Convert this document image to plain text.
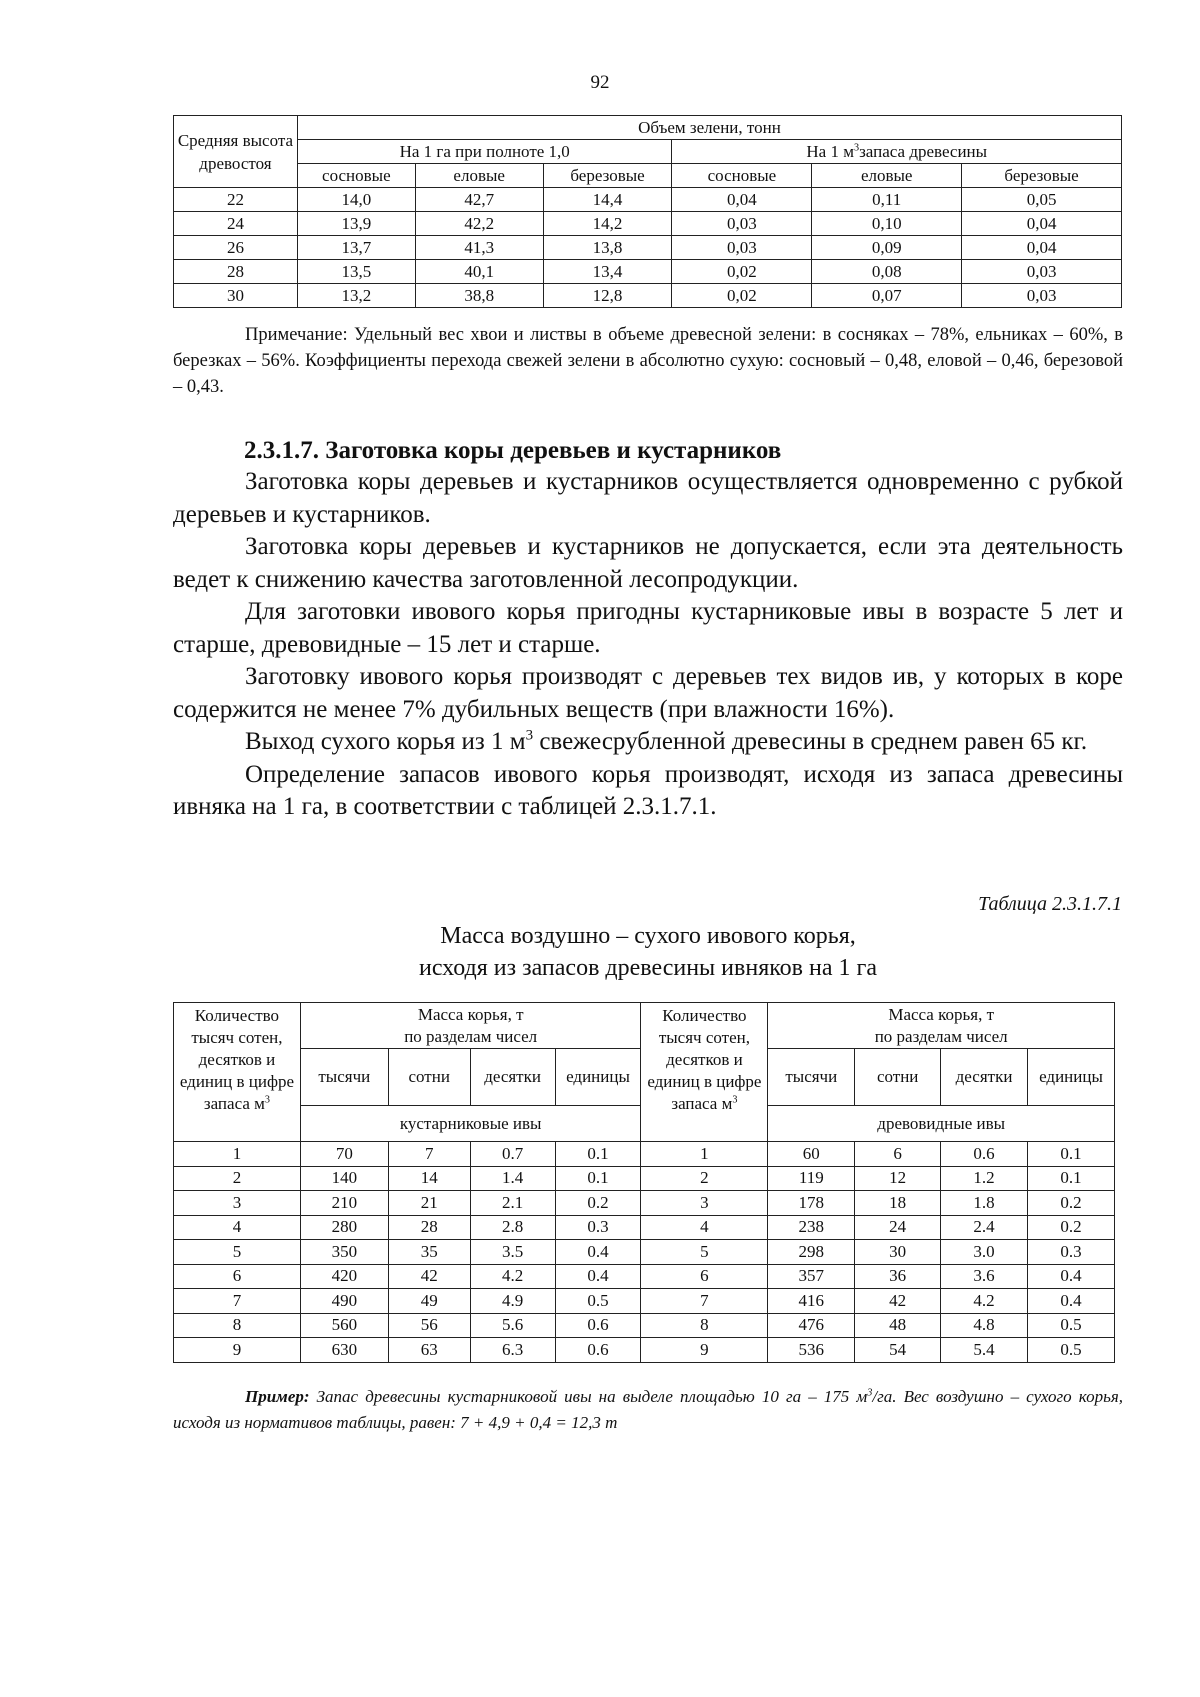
92
Средняя высота древостоя	Объем зелени, тонн					
	На 1 га при полноте 1,0			На 1 $м^3запаса$ древесины		
	сосновые	еловые	березовые	сосновые	еловые	березовые
22	14,0	42,7	14,4	0,04	0,11	0,05
24	13,9	42,2	14,2	0,03	0,10	0,04
26	13,7	41,3	13,8	0,03	0,09	0,04
28	13,5	40,1	13,4	0,02	0,08	0,03
30	13,2	38,8	12,8	0,02	0,07	0,03

Примечание: Удельный вес хвои и листвы в объеме древесной зелени: в сосняках – 78%, ельниках – 60%, в березках – 56%. Коэффициенты перехода свежей зелени в абсолютно сухую: сосновый – 0,48, еловой – 0,46, березовой – 0,43.

2.3.1.7. Заготовка коры деревьев и кустарников

Заготовка коры деревьев и кустарников осуществляется одновременно с рубкой деревьев и кустарников.

Заготовка коры деревьев и кустарников не допускается, если эта деятельность ведет к снижению качества заготовленной лесопродукции.

Для заготовки ивового корья пригодны кустарниковые ивы в возрасте 5 лет и старше, древовидные – 15 лет и старше.

Заготовку ивового корья производят с деревьев тех видов ив, у которых в коре содержится не менее 7% дубильных веществ (при влажности 16%).

Выход сухого корья из 1 $м^3$ свежесрубленной древесины в среднем равен 65 кг.

Определение запасов ивового корья производят, исходя из запаса древесины ивняка на 1 га, в соответствии с таблицей 2.3.1.7.1.

Таблица 2.3.1.7.1

Масса воздушно – сухого ивового корья,
исходя из запасов древесины ивняков на 1 га

Количество тысяч сотен, десятков и единиц в цифре запаса $м^3$	Масса корья, т
по разделам чисел				Количество тысяч сотен, десятков и единиц в цифре запаса $м^3$	Масса корья, т
по разделам чисел			
	тысячи	сотни	десятки	единицы		тысячи	сотни	десятки	единицы
	кустарниковые ивы					древовидные ивы			
1	70	7	0.7	0.1	1	60	6	0.6	0.1
2	140	14	1.4	0.1	2	119	12	1.2	0.1
3	210	21	2.1	0.2	3	178	18	1.8	0.2
4	280	28	2.8	0.3	4	238	24	2.4	0.2
5	350	35	3.5	0.4	5	298	30	3.0	0.3
6	420	42	4.2	0.4	6	357	36	3.6	0.4
7	490	49	4.9	0.5	7	416	42	4.2	0.4
8	560	56	5.6	0.6	8	476	48	4.8	0.5
9	630	63	6.3	0.6	9	536	54	5.4	0.5

Пример: Запас древесины кустарниковой ивы на выделе площадью 10 га – 175 $м^3/га$. Вес воздушно – сухого корья, исходя из нормативов таблицы, равен: 7 + 4,9 + 0,4 = 12,3 т
